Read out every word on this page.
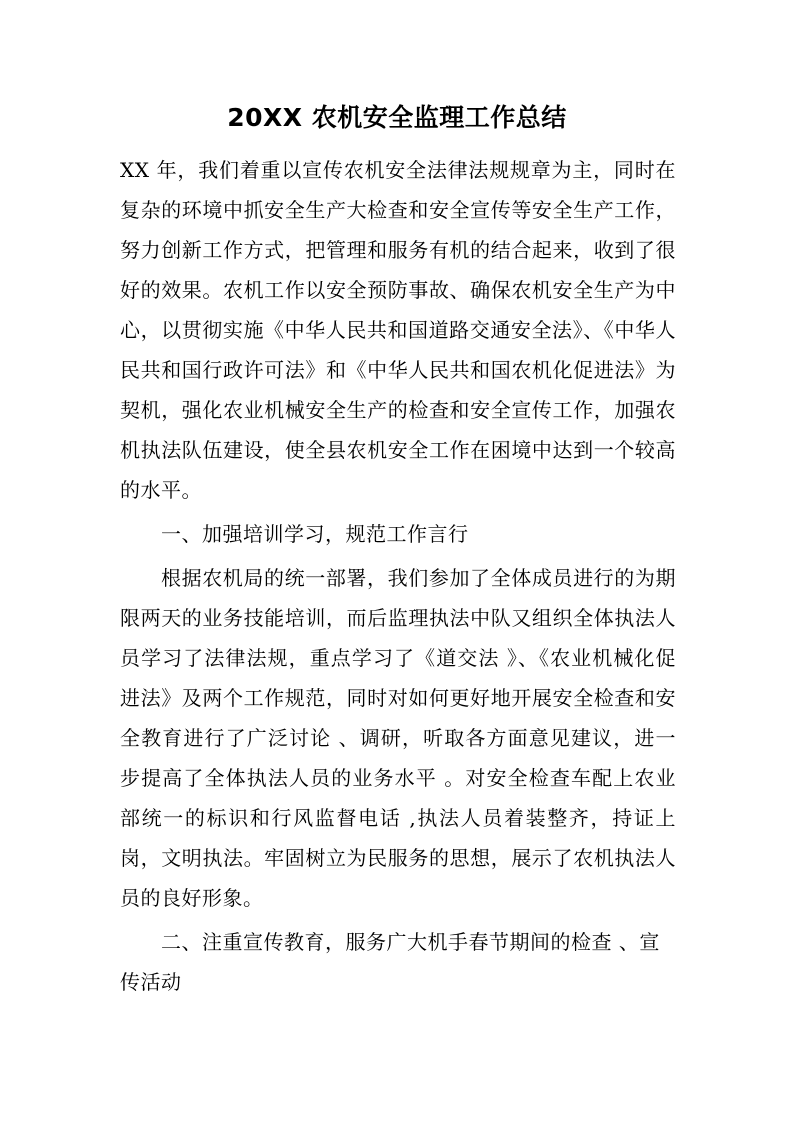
20XX 农机安全监理工作总结

XX 年，我们着重以宣传农机安全法律法规规章为主，同时在复杂的环境中抓安全生产大检查和安全宣传等安全生产工作，努力创新工作方式，把管理和服务有机的结合起来，收到了很好的效果。农机工作以安全预防事故、确保农机安全生产为中心，以贯彻实施《中华人民共和国道路交通安全法》、《中华人民共和国行政许可法》和《中华人民共和国农机化促进法》为契机，强化农业机械安全生产的检查和安全宣传工作，加强农机执法队伍建设，使全县农机安全工作在困境中达到一个较高的水平。

一、加强培训学习，规范工作言行

根据农机局的统一部署，我们参加了全体成员进行的为期限两天的业务技能培训，而后监理执法中队又组织全体执法人员学习了法律法规，重点学习了《道交法 》、《农业机械化促进法》及两个工作规范，同时对如何更好地开展安全检查和安全教育进行了广泛讨论 、调研，听取各方面意见建议，进一步提高了全体执法人员的业务水平 。对安全检查车配上农业部统一的标识和行风监督电话 ,执法人员着装整齐，持证上岗，文明执法。牢固树立为民服务的思想，展示了农机执法人员的良好形象。

二、注重宣传教育，服务广大机手春节期间的检查 、宣传活动
